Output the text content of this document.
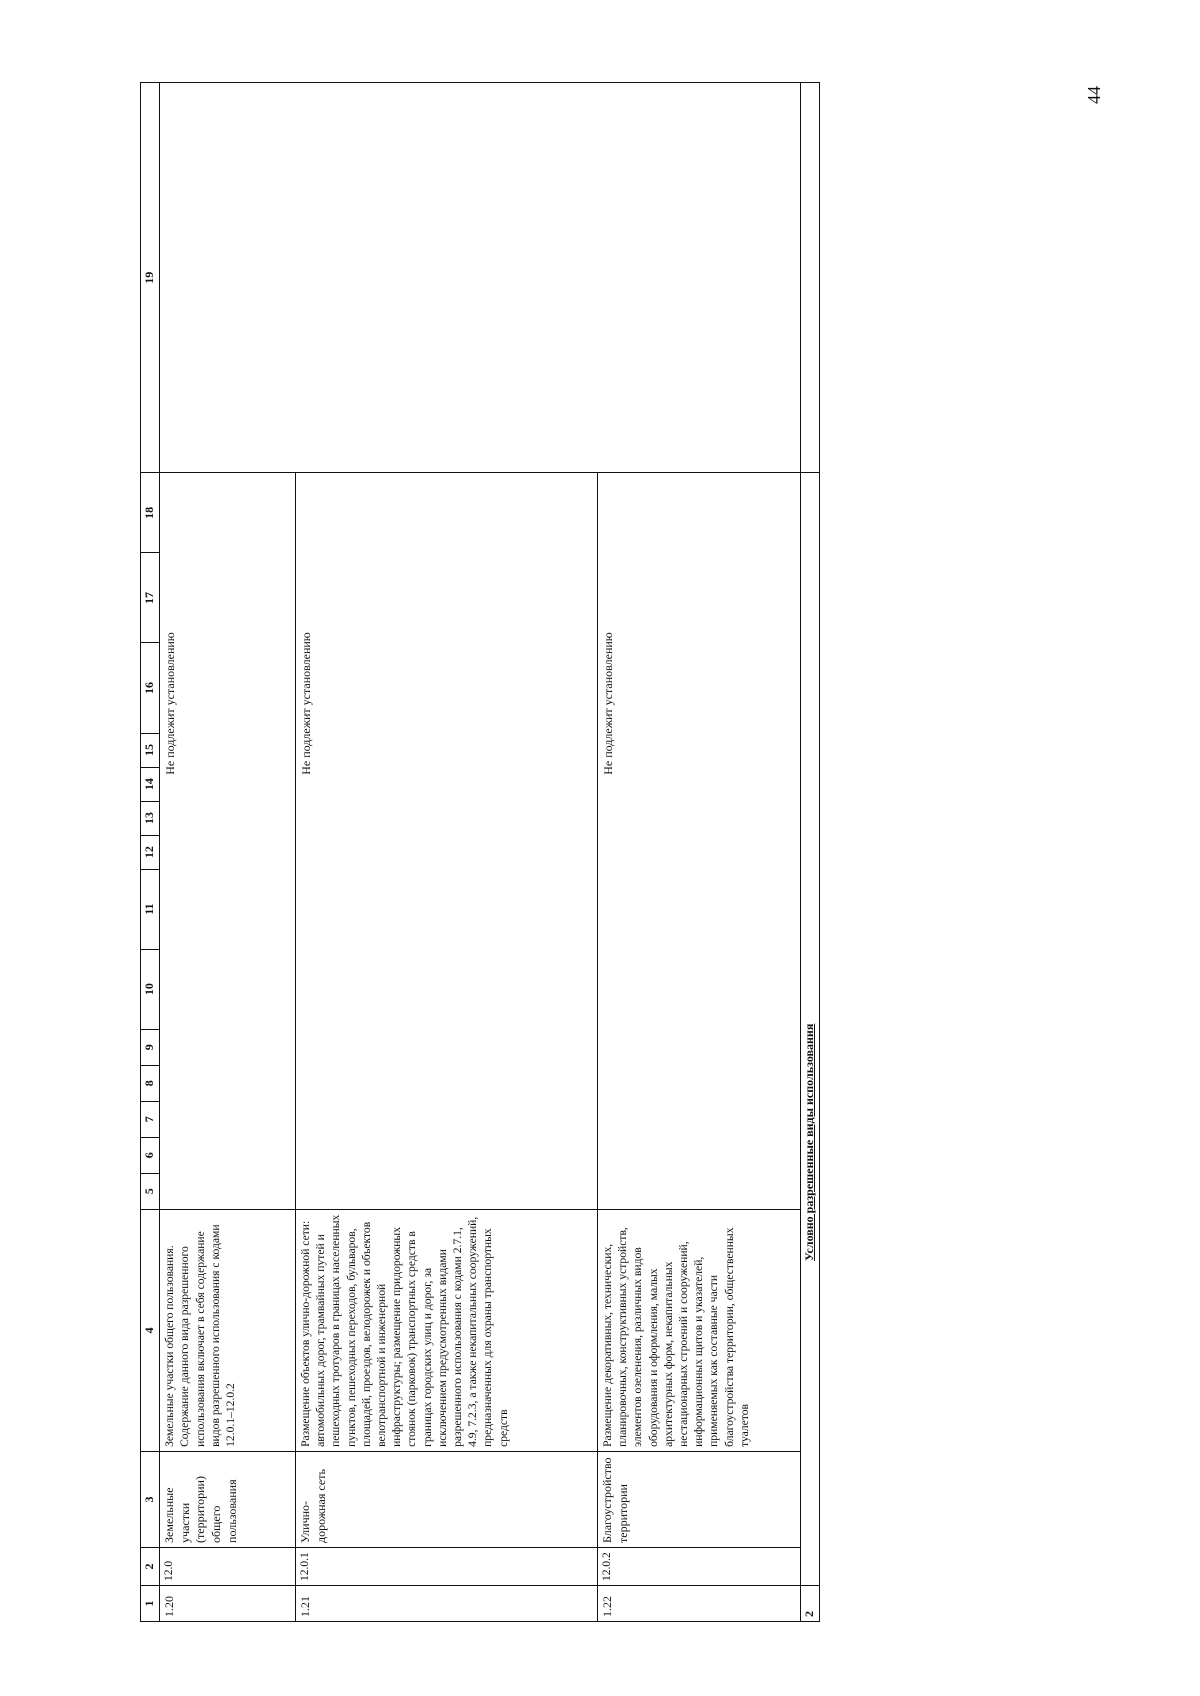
44
1	2	3	4	5	6	7	8	9	10	11	12	13	14	15	16	17	18	19
1.20	12.0	Земельные участки (территории) общего пользования	Земельные участки общего пользования. Содержание данного вида разрешенного использования включает в себя содержание видов разрешенного использования с кодами 12.0.1–12.0.2	Не подлежит установлению														

1.21	12.0.1	Улично-дорожная сеть	Размещение объектов улично-дорожной сети: автомобильных дорог, трамвайных путей и пешеходных тротуаров в границах населенных пунктов, пешеходных переходов, бульваров, площадей, проездов, велодорожек и объектов велотранспортной и инженерной инфраструктуры; размещение придорожных стоянок (парковок) транспортных средств в границах городских улиц и дорог, за исключением предусмотренных видами разрешенного использования с кодами 2.7.1, 4.9, 7.2.3, а также некапитальных сооружений, предназначенных для охраны транспортных средств	Не подлежит установлению														

1.22	12.0.2	Благоустройство территории	Размещение декоративных, технических, планировочных, конструктивных устройств, элементов озеленения, различных видов оборудования и оформления, малых архитектурных форм, некапитальных нестационарных строений и сооружений, информационных щитов и указателей, применяемых как составные части благоустройства территории, общественных туалетов	Не подлежит установлению														

2	Условно разрешенные виды использования																	
